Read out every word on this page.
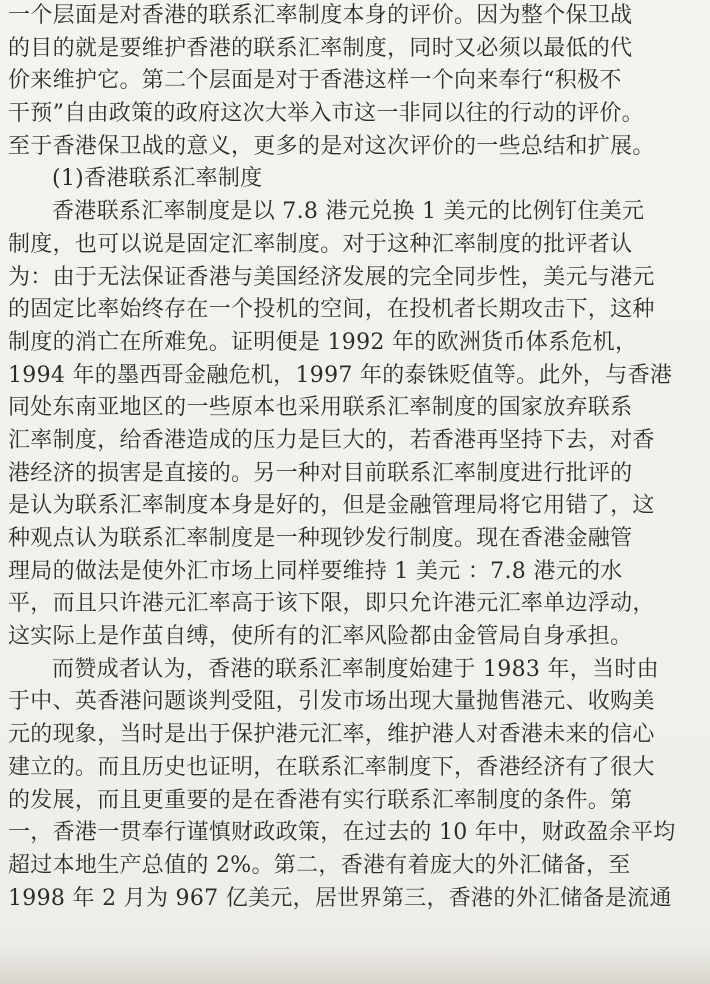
一个层面是对香港的联系汇率制度本身的评价。因为整个保卫战
的目的就是要维护香港的联系汇率制度，同时又必须以最低的代
价来维护它。第二个层面是对于香港这样一个向来奉行“积极不
干预”自由政策的政府这次大举入市这一非同以往的行动的评价。
至于香港保卫战的意义，更多的是对这次评价的一些总结和扩展。
(1)香港联系汇率制度
香港联系汇率制度是以 7.8 港元兑换 1 美元的比例钉住美元
制度，也可以说是固定汇率制度。对于这种汇率制度的批评者认
为：由于无法保证香港与美国经济发展的完全同步性，美元与港元
的固定比率始终存在一个投机的空间，在投机者长期攻击下，这种
制度的消亡在所难免。证明便是 1992 年的欧洲货币体系危机，
1994 年的墨西哥金融危机，1997 年的泰铢贬值等。此外，与香港
同处东南亚地区的一些原本也采用联系汇率制度的国家放弃联系
汇率制度，给香港造成的压力是巨大的，若香港再坚持下去，对香
港经济的损害是直接的。另一种对目前联系汇率制度进行批评的
是认为联系汇率制度本身是好的，但是金融管理局将它用错了，这
种观点认为联系汇率制度是一种现钞发行制度。现在香港金融管
理局的做法是使外汇市场上同样要维持 1 美元 ：7.8 港元的水
平，而且只许港元汇率高于该下限，即只允许港元汇率单边浮动，
这实际上是作茧自缚，使所有的汇率风险都由金管局自身承担。
而赞成者认为，香港的联系汇率制度始建于 1983 年，当时由
于中、英香港问题谈判受阻，引发市场出现大量抛售港元、收购美
元的现象，当时是出于保护港元汇率，维护港人对香港未来的信心
建立的。而且历史也证明，在联系汇率制度下，香港经济有了很大
的发展，而且更重要的是在香港有实行联系汇率制度的条件。第
一，香港一贯奉行谨慎财政政策，在过去的 10 年中，财政盈余平均
超过本地生产总值的 2%。第二，香港有着庞大的外汇储备，至
1998 年 2 月为 967 亿美元，居世界第三，香港的外汇储备是流通
